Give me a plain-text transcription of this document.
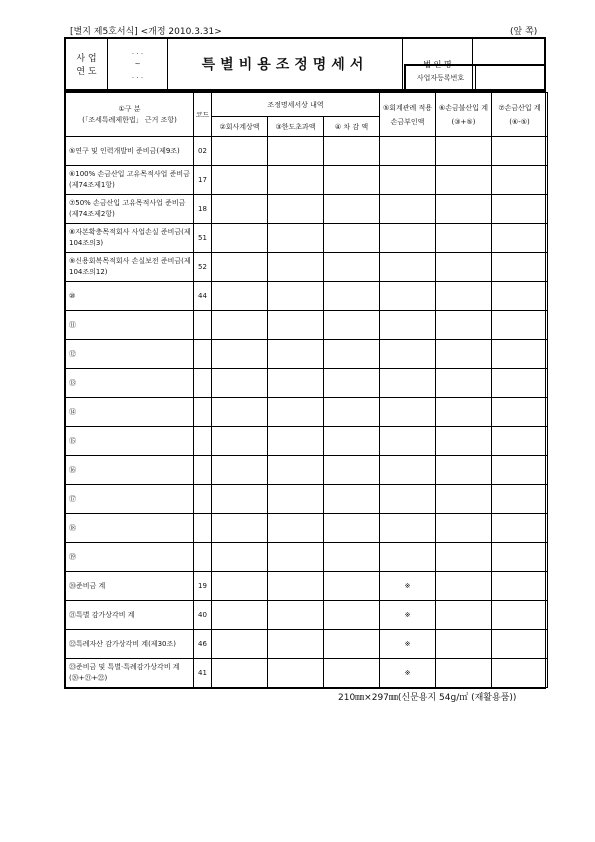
[별지 제5호서식] <개정 2010.3.31>	(앞 쪽)
사 업
연 도	. . .
~
. . .	특별비용조정명세서	법 인 명	
사업자등록번호	
①구 분
(「조세특례제한법」 근거 조항)	코드	조정명세서상 내역			⑤회계관례 적용 손금부인액	⑥손금불산입 계 (③+⑤)	⑦손금산입 계 (⑥-⑤)
		②회사계상액	③한도초과액	④ 차 감 액			
⑤연구 및 인력개발비 준비금(제9조)	02						
⑥100% 손금산입 고유목적사업 준비금(제74조제1항)	17						
⑦50% 손금산입 고유목적사업 준비금(제74조제2항)	18						
⑧자본확충목적회사 사업손실 준비금(제104조의3)	51						
⑨신용회복목적회사 손실보전 준비금(제104조의12)	52						
⑩	44						
⑪							
⑫							
⑬							
⑭							
⑮							
⑯							
⑰							
⑱							
⑲							
⑳준비금 계	19				※		
㉑특별 감가상각비 계	40				※		
㉒특례자산 감가상각비 계(제30조)	46				※		
㉓준비금 및 특별·특례감가상각비 계(⑳+㉑+㉒)	41				※		
210㎜×297㎜(신문용지 54g/㎡ (재활용품))
